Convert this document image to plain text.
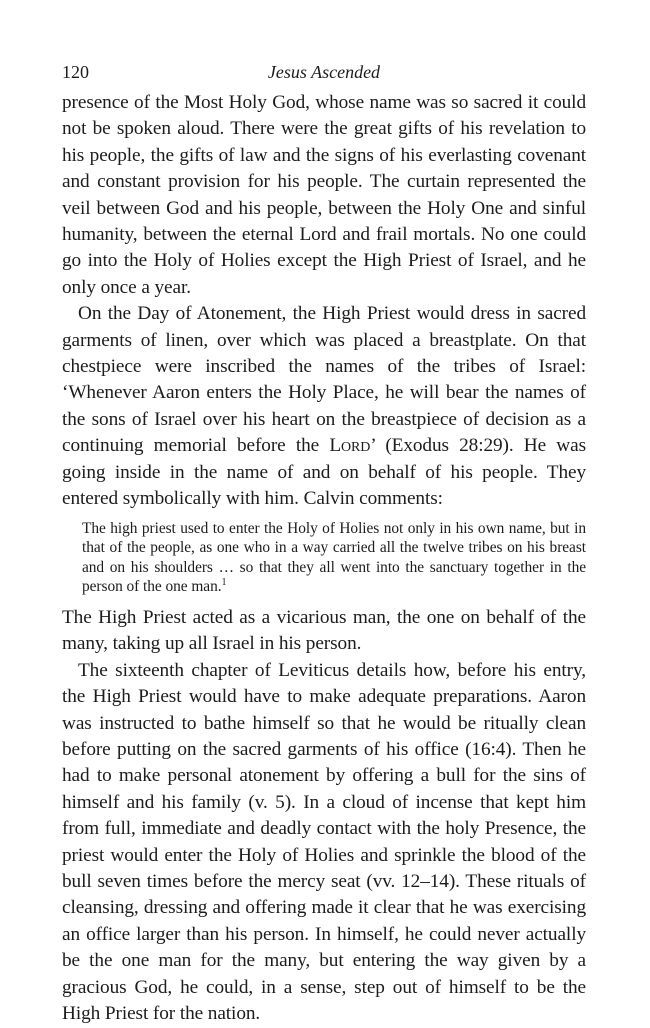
120	Jesus Ascended

presence of the Most Holy God, whose name was so sacred it could not be spoken aloud. There were the great gifts of his revelation to his people, the gifts of law and the signs of his everlasting covenant and constant provision for his people. The curtain represented the veil between God and his people, between the Holy One and sinful humanity, between the eternal Lord and frail mortals. No one could go into the Holy of Holies except the High Priest of Israel, and he only once a year.

On the Day of Atonement, the High Priest would dress in sacred garments of linen, over which was placed a breastplate. On that chestpiece were inscribed the names of the tribes of Israel: ‘Whenever Aaron enters the Holy Place, he will bear the names of the sons of Israel over his heart on the breastpiece of decision as a continuing memorial before the Lord’ (Exodus 28:29). He was going inside in the name of and on behalf of his people. They entered symbolically with him. Calvin comments:

The high priest used to enter the Holy of Holies not only in his own name, but in that of the people, as one who in a way carried all the twelve tribes on his breast and on his shoulders … so that they all went into the sanctuary together in the person of the one man.$^1$

The High Priest acted as a vicarious man, the one on behalf of the many, taking up all Israel in his person.

The sixteenth chapter of Leviticus details how, before his entry, the High Priest would have to make adequate preparations. Aaron was instructed to bathe himself so that he would be ritually clean before putting on the sacred garments of his office (16:4). Then he had to make personal atonement by offering a bull for the sins of himself and his family (v. 5). In a cloud of incense that kept him from full, immediate and deadly contact with the holy Presence, the priest would enter the Holy of Holies and sprinkle the blood of the bull seven times before the mercy seat (vv. 12–14). These rituals of cleansing, dressing and offering made it clear that he was exercising an office larger than his person. In himself, he could never actually be the one man for the many, but entering the way given by a gracious God, he could, in a sense, step out of himself to be the High Priest for the nation.
